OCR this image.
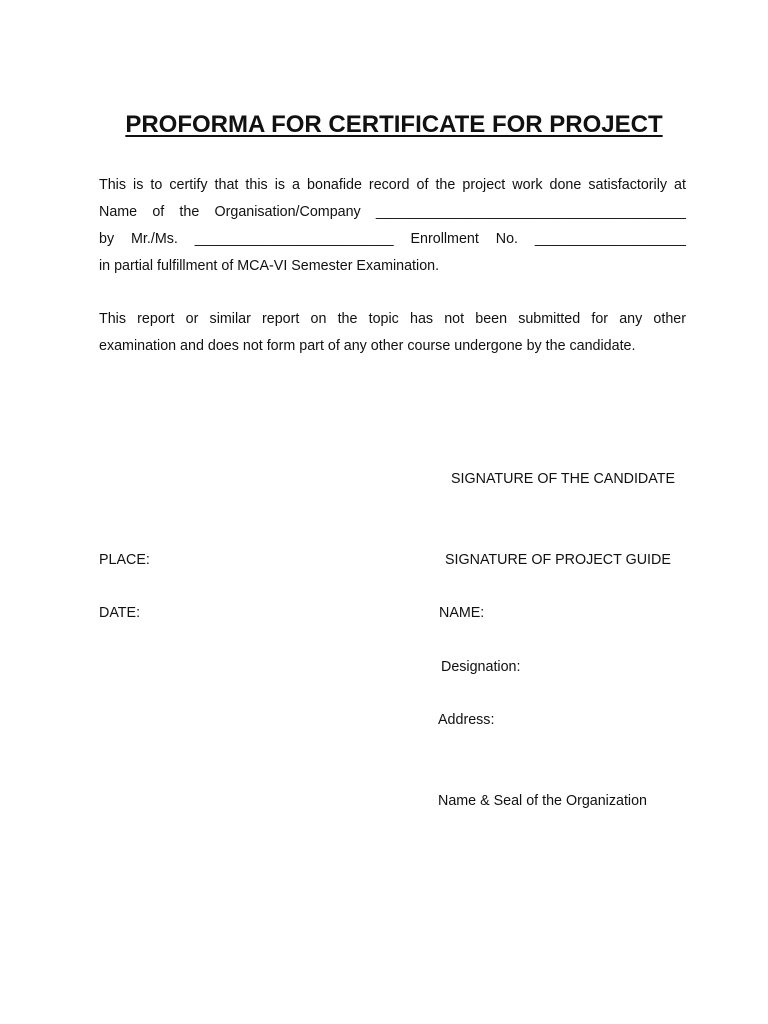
PROFORMA FOR CERTIFICATE FOR PROJECT
This is to certify that this is a bonafide record of the project work done satisfactorily at
Name of the Organisation/Company _______________________________________
by Mr./Ms. _________________________ Enrollment No. ___________________
in partial fulfillment of MCA-VI Semester Examination.
This report or similar report on the topic has not been submitted for any other
examination and does not form part of any other course undergone by the candidate.
SIGNATURE OF THE CANDIDATE
PLACE:	SIGNATURE OF PROJECT GUIDE
DATE:	NAME:
Designation:
Address:
Name & Seal of the Organization
